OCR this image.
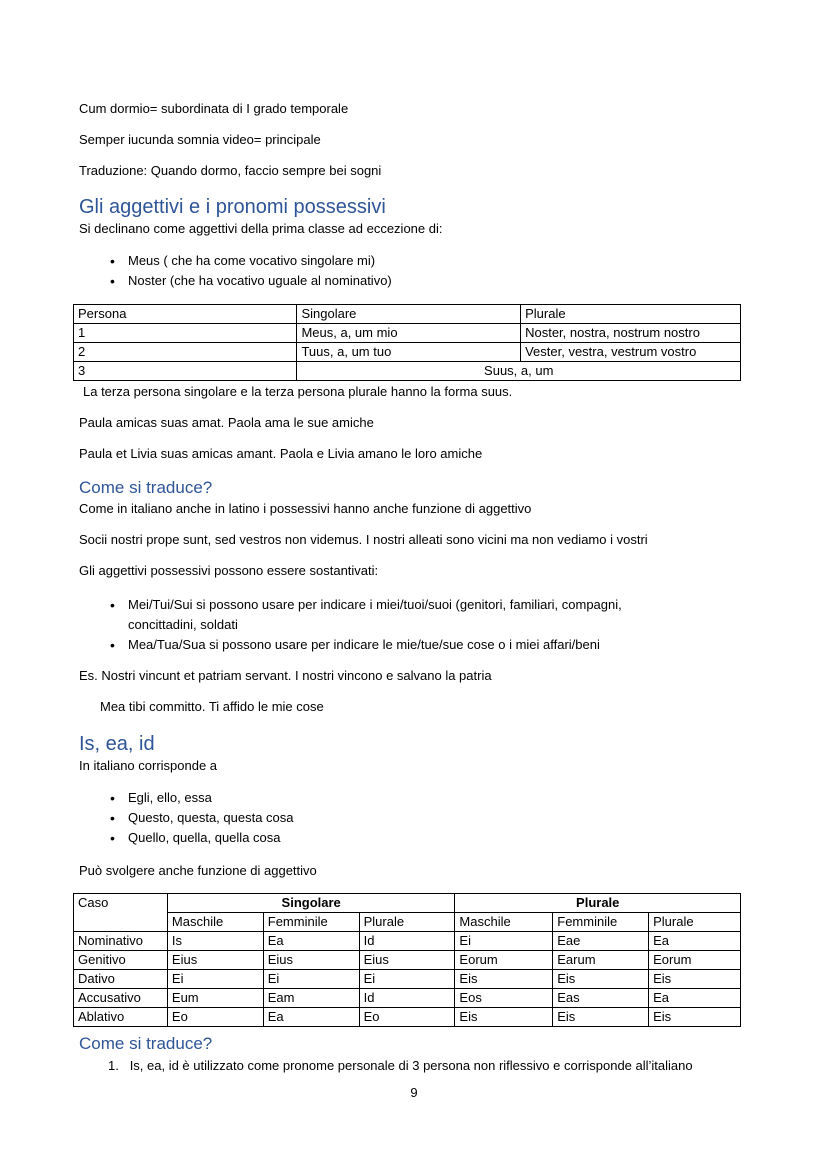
Cum dormio= subordinata di I grado temporale

Semper iucunda somnia video= principale

Traduzione: Quando dormo, faccio sempre bei sogni

Gli aggettivi e i pronomi possessivi

Si declinano come aggettivi della prima classe ad eccezione di:

• Meus ( che ha come vocativo singolare mi)
• Noster (che ha vocativo uguale al nominativo)
Persona	Singolare	Plurale
1	Meus, a, um mio	Noster, nostra, nostrum nostro
2	Tuus, a, um tuo	Vester, vestra, vestrum vostro
3	Suus, a, um	

La terza persona singolare e la terza persona plurale hanno la forma suus.

Paula amicas suas amat. Paola ama le sue amiche

Paula et Livia suas amicas amant. Paola e Livia amano le loro amiche

Come si traduce?

Come in italiano anche in latino i possessivi hanno anche funzione di aggettivo

Socii nostri prope sunt, sed vestros non videmus. I nostri alleati sono vicini ma non vediamo i vostri

Gli aggettivi possessivi possono essere sostantivati:

• Mei/Tui/Sui si possono usare per indicare i miei/tuoi/suoi (genitori, familiari, compagni,
concittadini, soldati
• Mea/Tua/Sua si possono usare per indicare le mie/tue/sue cose o i miei affari/beni

Es. Nostri vincunt et patriam servant. I nostri vincono e salvano la patria

Mea tibi committo. Ti affido le mie cose

Is, ea, id

In italiano corrisponde a

• Egli, ello, essa
• Questo, questa, questa cosa
• Quello, quella, quella cosa

Può svolgere anche funzione di aggettivo

Caso	Singolare			Plurale		
	Maschile	Femminile	Plurale	Maschile	Femminile	Plurale
Nominativo	Is	Ea	Id	Ei	Eae	Ea
Genitivo	Eius	Eius	Eius	Eorum	Earum	Eorum
Dativo	Ei	Ei	Ei	Eis	Eis	Eis
Accusativo	Eum	Eam	Id	Eos	Eas	Ea
Ablativo	Eo	Ea	Eo	Eis	Eis	Eis
Come si traduce?

1. Is, ea, id è utilizzato come pronome personale di 3 persona non riflessivo e corrisponde all’italiano

9
